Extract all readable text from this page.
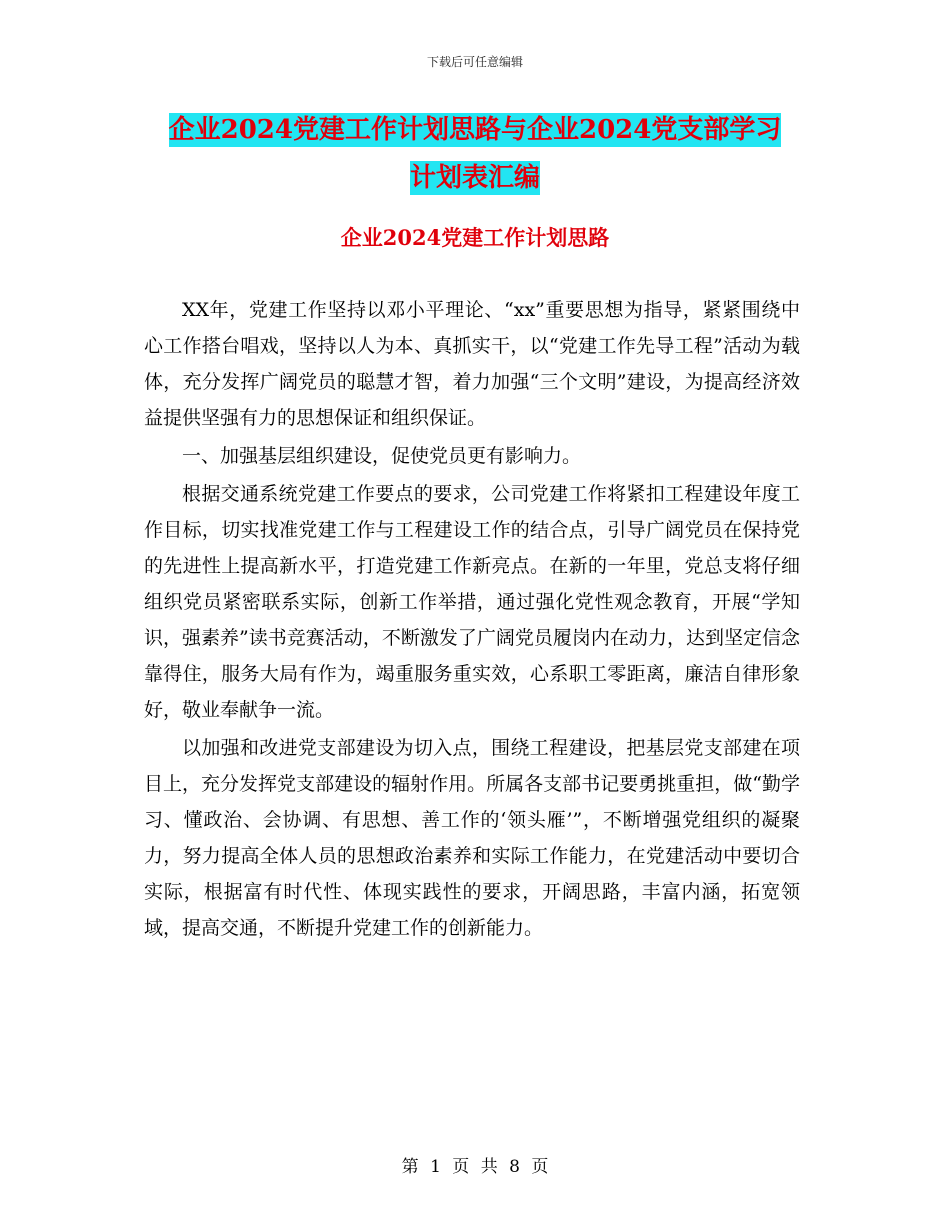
下载后可任意编辑
企业2024党建工作计划思路与企业2024党支部学习
计划表汇编
企业2024党建工作计划思路

XX年，党建工作坚持以邓小平理论、“xx”重要思想为指导，紧紧围绕中心工作搭台唱戏，坚持以人为本、真抓实干，以“党建工作先导工程”活动为载体，充分发挥广阔党员的聪慧才智，着力加强“三个文明”建设，为提高经济效益提供坚强有力的思想保证和组织保证。

一、加强基层组织建设，促使党员更有影响力。

根据交通系统党建工作要点的要求，公司党建工作将紧扣工程建设年度工作目标，切实找准党建工作与工程建设工作的结合点，引导广阔党员在保持党的先进性上提高新水平，打造党建工作新亮点。在新的一年里，党总支将仔细组织党员紧密联系实际，创新工作举措，通过强化党性观念教育，开展“学知识，强素养”读书竞赛活动，不断激发了广阔党员履岗内在动力，达到坚定信念靠得住，服务大局有作为，竭重服务重实效，心系职工零距离，廉洁自律形象好，敬业奉献争一流。

以加强和改进党支部建设为切入点，围绕工程建设，把基层党支部建在项目上，充分发挥党支部建设的辐射作用。所属各支部书记要勇挑重担，做“勤学习、懂政治、会协调、有思想、善工作的‘领头雁’”，不断增强党组织的凝聚力，努力提高全体人员的思想政治素养和实际工作能力，在党建活动中要切合实际，根据富有时代性、体现实践性的要求，开阔思路，丰富内涵，拓宽领域，提高交通，不断提升党建工作的创新能力。

第 1 页 共 8 页
